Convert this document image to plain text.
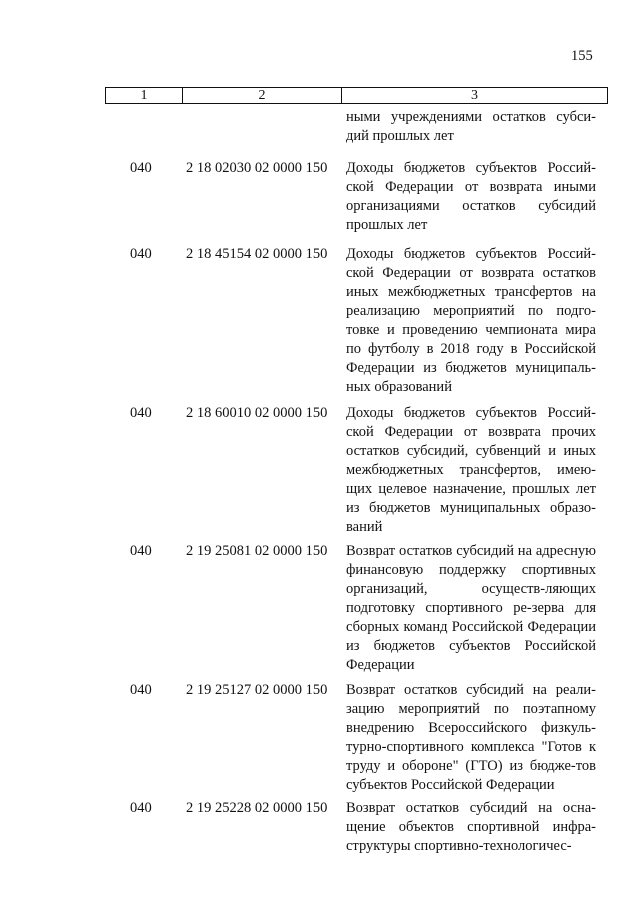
155
1	2	3
ными учреждениями остатков субси-дий прошлых лет
040	2 18 02030 02 0000 150	Доходы бюджетов субъектов Россий-ской Федерации от возврата иными организациями остатков субсидий прошлых лет
040	2 18 45154 02 0000 150	Доходы бюджетов субъектов Россий-ской Федерации от возврата остатков иных межбюджетных трансфертов на реализацию мероприятий по подго-товке и проведению чемпионата мира по футболу в 2018 году в Российской Федерации из бюджетов муниципаль-ных образований
040	2 18 60010 02 0000 150	Доходы бюджетов субъектов Россий-ской Федерации от возврата прочих остатков субсидий, субвенций и иных межбюджетных трансфертов, имею-щих целевое назначение, прошлых лет из бюджетов муниципальных образо-ваний
040	2 19 25081 02 0000 150	Возврат остатков субсидий на адресную финансовую поддержку спортивных организаций, осуществ-ляющих подготовку спортивного ре-зерва для сборных команд Российской Федерации из бюджетов субъектов Российской Федерации
040	2 19 25127 02 0000 150	Возврат остатков субсидий на реали-зацию мероприятий по поэтапному внедрению Всероссийского физкуль-турно-спортивного комплекса "Готов к труду и обороне" (ГТО) из бюдже-тов субъектов Российской Федерации
040	2 19 25228 02 0000 150	Возврат остатков субсидий на осна-щение объектов спортивной инфра-структуры спортивно-технологичес-
